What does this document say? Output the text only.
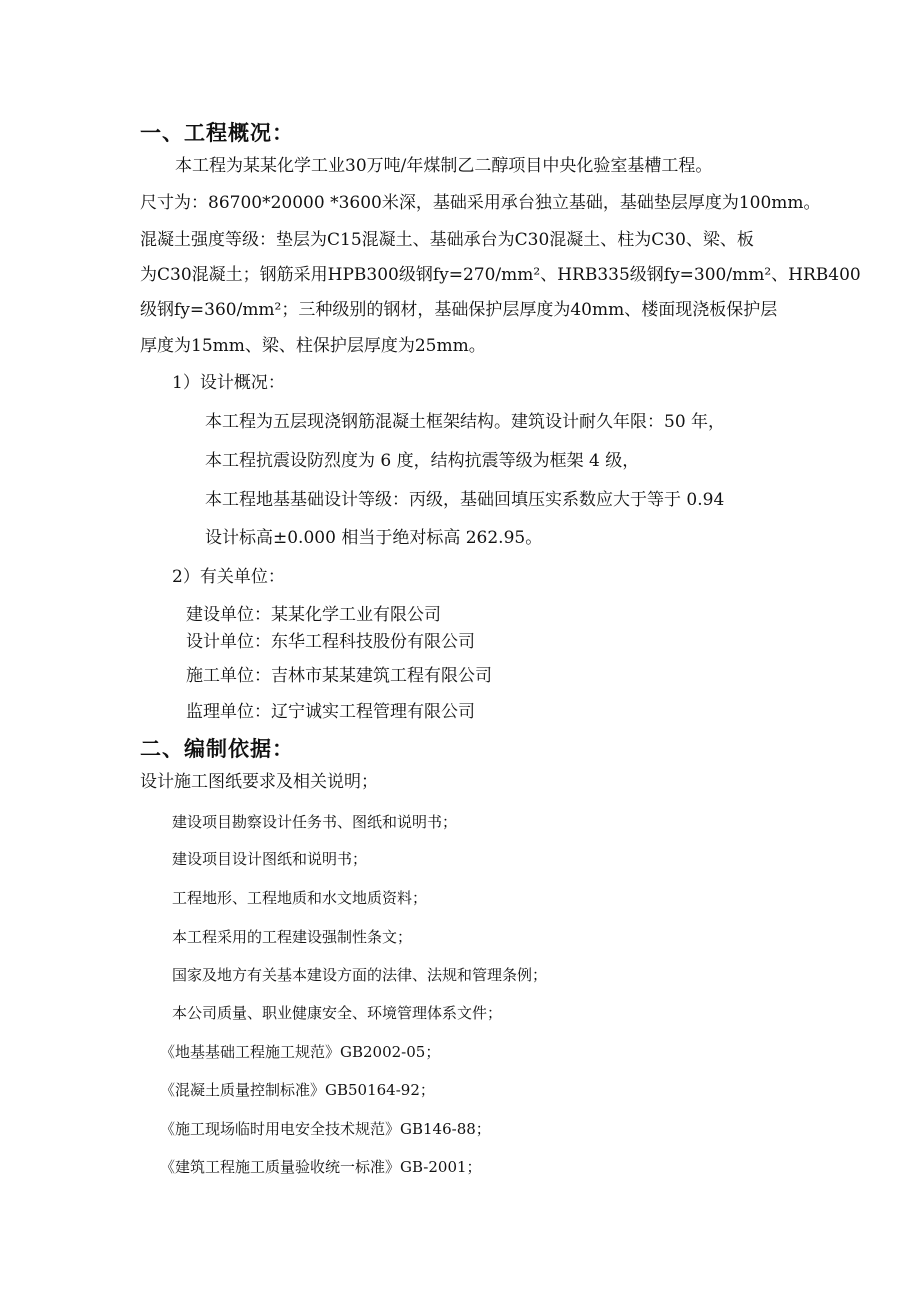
一、工程概况：
本工程为某某化学工业30万吨/年煤制乙二醇项目中央化验室基槽工程。
尺寸为：86700*20000 *3600米深，基础采用承台独立基础，基础垫层厚度为100mm。
混凝土强度等级：垫层为C15混凝土、基础承台为C30混凝土、柱为C30、梁、板
为C30混凝土；钢筋采用HPB300级钢fy=270/mm²、HRB335级钢fy=300/mm²、HRB400
级钢fy=360/mm²；三种级别的钢材，基础保护层厚度为40mm、楼面现浇板保护层
厚度为15mm、梁、柱保护层厚度为25mm。
1）设计概况：
本工程为五层现浇钢筋混凝土框架结构。建筑设计耐久年限：50 年，
本工程抗震设防烈度为 6 度，结构抗震等级为框架 4 级，
本工程地基基础设计等级：丙级，基础回填压实系数应大于等于 0.94
设计标高±0.000 相当于绝对标高 262.95。
2）有关单位：
建设单位：某某化学工业有限公司
设计单位：东华工程科技股份有限公司
施工单位：吉林市某某建筑工程有限公司
监理单位：辽宁诚实工程管理有限公司
二、编制依据：
设计施工图纸要求及相关说明；
建设项目勘察设计任务书、图纸和说明书；
建设项目设计图纸和说明书；
工程地形、工程地质和水文地质资料；
本工程采用的工程建设强制性条文；
国家及地方有关基本建设方面的法律、法规和管理条例；
本公司质量、职业健康安全、环境管理体系文件；
《地基基础工程施工规范》GB2002-05；
《混凝土质量控制标准》GB50164-92；
《施工现场临时用电安全技术规范》GB146-88；
《建筑工程施工质量验收统一标准》GB-2001；
